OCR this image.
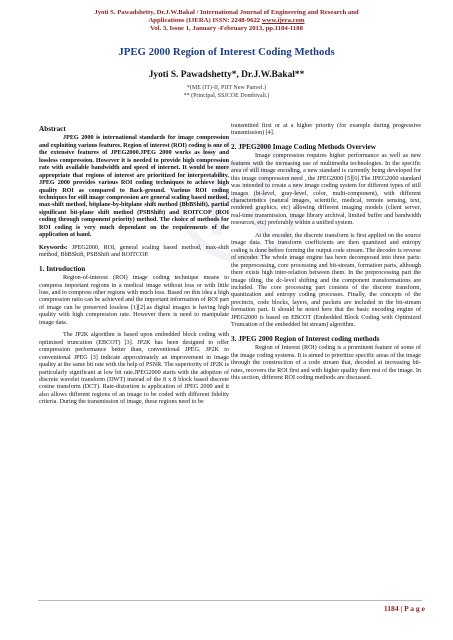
Jyoti S. Pawadshetty, Dr.J.W.Bakal / International Journal of Engineering and Research and
Applications (IJERA) ISSN: 2248-9622 www.ijera.com
Vol. 3, Issue 1, January -February 2013, pp.1184-1188
JPEG 2000 Region of Interest Coding Methods
Jyoti S. Pawadshetty*, Dr.J.W.Bakal**
*(ME (IT)-II, PIIT New Panvel.)
** (Principal, SSJCOE Dombivali.)
Abstract

JPEG 2000 is international standards for image compression and exploiting various features. Region of interest (ROI) coding is one of the extensive features of JPEG2000.JPEG 2000 works as lossy and lossless compression. However it is needed to provide high compression rate with available bandwidth and speed of internet. It would be more appropriate that regions of interest are prioritized for interpretability. JPEG 2000 provides various ROI coding techniques to achieve high quality ROI as compared to Back-ground. Various ROI coding techniques for still image compression are general scaling based method, max-shift method, bitplane-by-bitplane shift method (BbBShift), partial significant bit-plane shift method (PSBShift) and ROITCOP (ROI coding through component priority) method. The choice of methods for ROI coding is very much dependant on the requirements of the application at hand.

Keywords: JPEG2000, ROI, general scaling based method, max-shift method, BbBShift, PSBShift and ROITCOP.

1. Introduction

Region-of-interest (ROI) image coding technique means to compress important regions in a medical image without loss or with little loss, and to compress other regions with much loss. Based on this idea a high compression ratio can be achieved and the important information of ROI part of image can be preserved lossless [1][2].as digital images is having high quality with high compression rate. However there is need to manipulate image data.

The JP2K algorithm is based upon embedded block coding with optimised truncation (EBCOT) [3]. JP2K has been designed to offer compression performance better than, conventional JPEG. JP2K to conventional JPEG [3] indicate approximately an improvement in image quality at the same bit rate with the help of PSNR. The superiority of JP2K is particularly significant at low bit rate.JPEG2000 starts with the adoption of discrete wavelet transform (DWT) instead of the 8 x 8 block based discrete cosine transform (DCT). Rate-distortion is application of JPEG 2000 and it also allows different regions of an image to be coded with different fidelity criteria. During the transmission of image, these regions need to be

transmitted first or at a higher priority (for example during progressive transmission) [4].

2. JPEG2000 Image Coding Methods Overview

Image compression requires higher performance as well as new features with the increasing use of multimedia technologies. In the specific area of still image encoding, a new standard is currently being developed for this image compression need , the JPEG2000 [5][6].The JPEG2000 standard was intended to create a new image coding system for different types of still images (bi-level, gray-level, color, multi-component), with different characteristics (natural images, scientific, medical, remote sensing, text, rendered graphics, etc) allowing different imaging models (client server, real-time transmission, image library archival, limited buffer and bandwidth resources, etc) preferably within a unified system.

At the encoder, the discrete transform is first applied on the source image data. The transform coefficients are then quantized and entropy coding is done before forming the output code stream. The decoder is reverse of encoder. The whole image engine has been decomposed into three parts: the preprocessing, core processing and bit-stream, formation parts, although there exists high inter-relation between them. In the preprocessing part the image tiling, the dc-level shifting and the component transformations are included. The core processing part consists of the discrete transform, quantization and entropy coding processes. Finally, the concepts of the precincts, code blocks, layers, and packets are included in the bit-stream formation part. It should be noted here that the basic encoding engine of JPEG2000 is based on EBCOT (Embedded Block Coding with Optimized Truncation of the embedded bit stream) algorithm.

3. JPEG 2000 Region of Interest coding methods

Region of Interest (ROI) coding is a prominent feature of some of the image coding systems. It is aimed to prioritize specific areas of the image through the construction of a code stream that, decoded at increasing bit-rates, recovers the ROI first and with higher quality then rest of the image. In this section, different ROI coding methods are discussed.

1184 | P a g e
